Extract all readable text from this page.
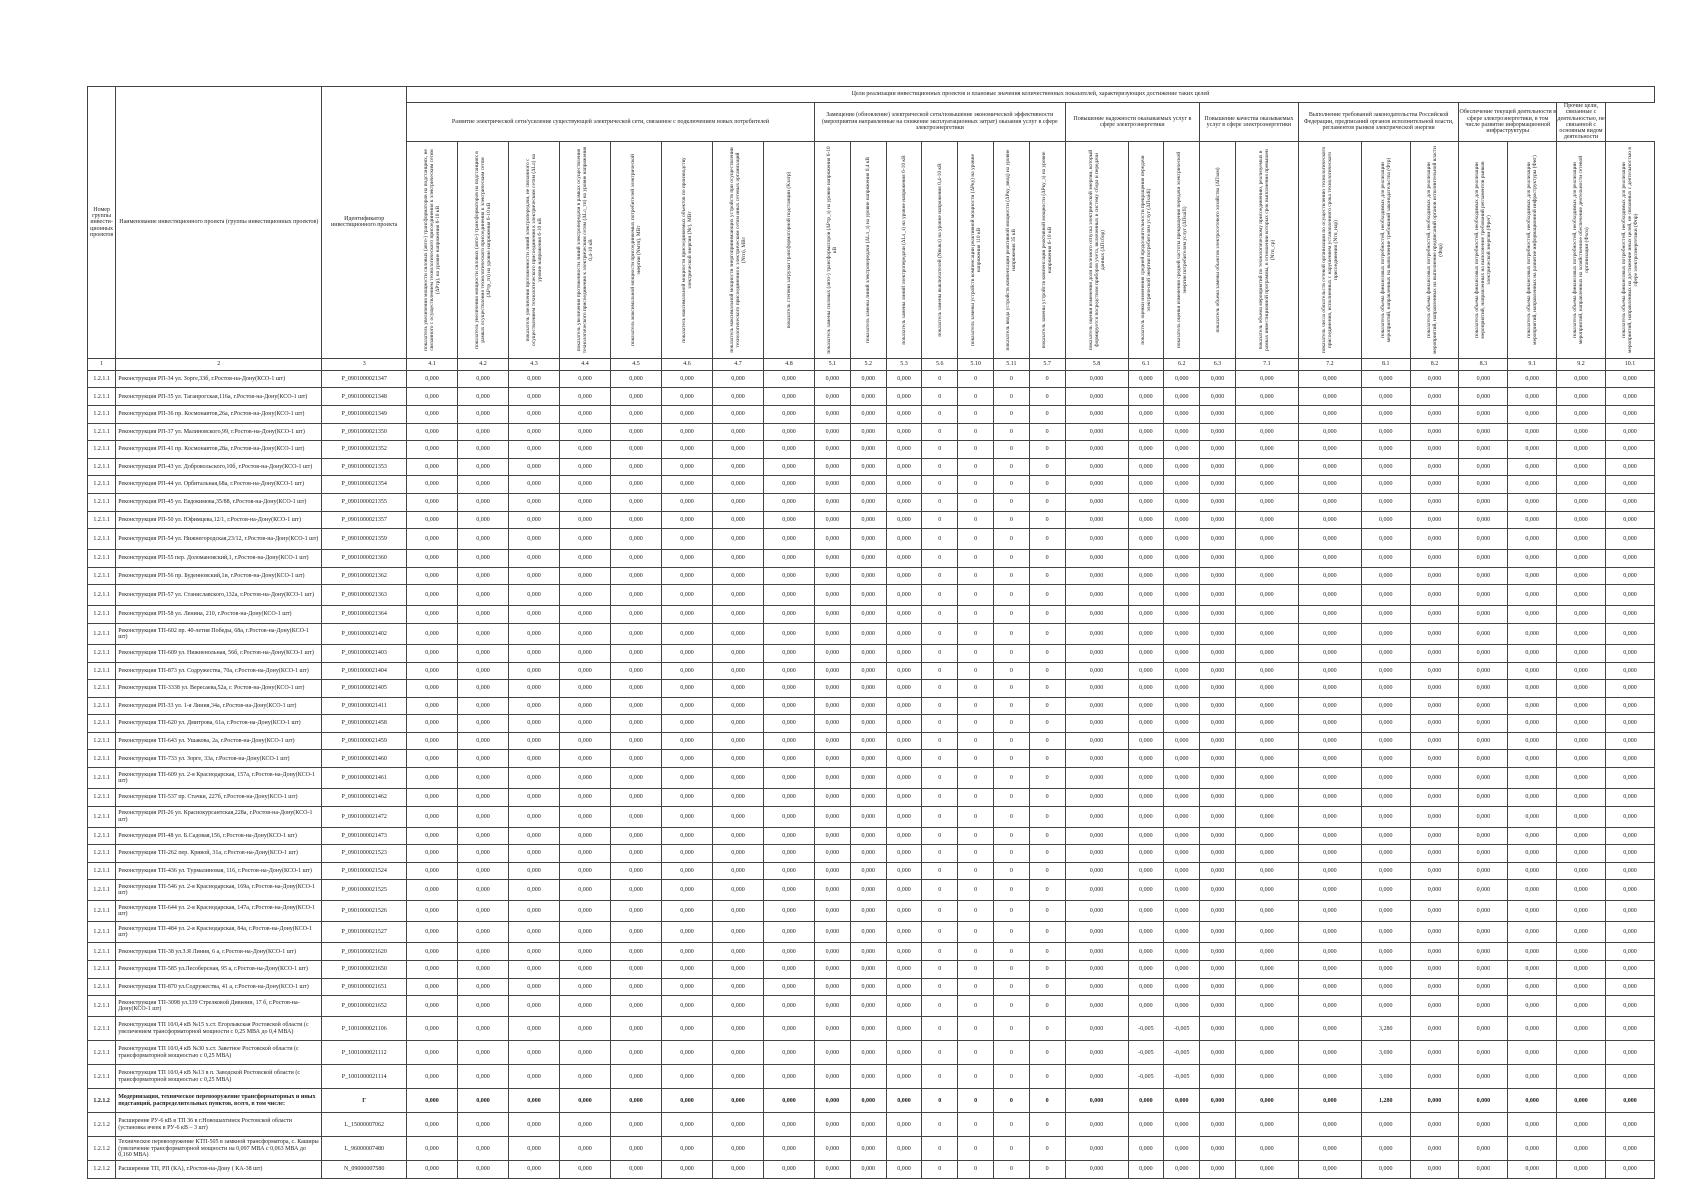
Номер группы инвести-ционных проектов	Наименование инвестиционного проекта (группы инвестиционных проектов)	Идентификатор инвестиционного проекта	Цели реализации инвестиционных проектов и плановые значения количественных показателей, характеризующих достижение таких целей																										
			Развитие электрической сети/усиление существующей электрической сети, связанное с подключением новых потребителей								Замещение (обновление) электрической сети/повышение экономической эффективности (мероприятия направленные на снижение эксплуатационных затрат) оказания услуг в сфере электроэнергетики							Повышение надежности оказываемых услуг в сфере электроэнергетики			Повышение качества оказываемых услуг в сфере электроэнергетики		Выполнение требований законодательства Российской Федерации, предписаний органов исполнительной власти, регламентов рынков электрической энергии			Обеспечение текущей деятельности в сфере электроэнергетики, в том числе развитие информационной инфраструктуры		Прочие цели, связанные с деятельностью, не связанной с основным видом деятельности	

			показатель увеличения мощности силовых (авто-) трансформаторов на подстанциях, не связанного с осуществлением технологического присоединения к электрическим сетям (ΔPтр), на уровне напряжения 6-10 кВ	показатель увеличения мощности силовых (авто-) трансформаторов на подстанциях в рамках осуществления технологического присоединения к электрическим сетям (ΔPтр_тп) на уровне напряжения 6-10 кВ	показатель увеличения протяженности линий электропередачи, не связанного с осуществлением технологического присоединения к электрическим сетям (ΔLл) на уровне напряжения 6-10 кВ	показатель увеличения протяженности линий электропередачи в рамках осуществления технологического присоединения к электрическим сетям (ΔLл_тп) на уровне напряжения 0,4-10 кВ	показатель максимальной мощности присоединяемых потребителей электрической энергии (Nмтп), МВт	показатель максимальной мощности присоединяемых объектов по производству электрической энергии (Nг), МВт	показатель максимальной мощности энергопринимающих устройств при осуществлении технологического присоединения к электрическим сетям иных сетевых организаций (Nтп), МВт	показатель степени загрузки трансформаторной подстанции (Kзагр)	показатель замены силовых (авто-) трансформаторов (ΔPтр_з) на уровне напряжения 6-10 кВ	показатель замены линий электропередачи (ΔLл_з) на уровне напряжения 0,4 кВ	показатель замены линий электропередачи (ΔLл_з) на уровне напряжения 6-10 кВ	показатель замены выключателей (Nвыкл) на уровне напряжения 0,4-10 кВ	показатель замены устройств компенсации реактивной мощности (ΔPку) на уровне напряжения 110 кВ	показатель ввода устройств компенсации реактивной мощности (ΔPку_ввод) на уровне напряжения 35 кВ	показатель замены устройств компенсации реактивной мощности (ΔPку_з) на уровне напряжения 6-10 кВ	показатель оценки изменения доли полезного отпуска электрической энергии, который формируется посредством приборов учета, включенных в систему сбора и передачи данных (ΔПсбор)	показатель оценки изменения средней продолжительности прекращения передачи электрической энергии потребителям услуг (ΔПsaidi)	показатель оценки изменения средней частоты прекращения передачи электрической энергии потребителям услуг (ΔПsaifi)	показатель объема замены объектов электросетевого хозяйства (ΔПзам)	показатель объема мероприятий по технологическому присоединению, реализуемых в рамках инвестиционной программы, в отношении которых срок выполнения превышен (Nтп_ср)	показатель числа обязательств сетевой организации по осуществлению технологического присоединения, исполненных с нарушением установленного срока технологического присоединения (Nтп_нар)	показатель объема финансовых потребностей, необходимых для реализации мероприятий, направленных на выполнение требований законодательства (Фтр)	показатель объема финансовых потребностей, необходимых для реализации мероприятий, направленных на выполнение предписаний органов исполнительной власти (Фпр)	показатель объема финансовых потребностей, необходимых для реализации мероприятий, направленных на выполнение требований регламентов рынков электрической энергии (Фрег)	показатель объема финансовых потребностей, необходимых для реализации мероприятий, направленных на развитие информационной инфраструктуры (Фит)	показатель объема финансовых потребностей, необходимых для реализации мероприятий, направленных на хозяйственное обеспечение деятельности сетевой организации (Фхоз)	показатель объема финансовых потребностей, необходимых для реализации мероприятий, направленных на достижение иных целей, не связанных с деятельностью в сфере электроэнергетики (Фпр)

1	2	3	4.1	4.2	4.3	4.4	4.5	4.6	4.7	4.8	5.1	5.2	5.3	5.6	5.10	5.11	5.7	5.8	6.1	6.2	6.3	7.1	7.2	8.1	8.2	8.3	9.1	9.2	10.1
1.2.1.1	Реконструкция РП-34 ул. Зорге,33б, г.Ростов-на-Дону(КСО-1 шт)	P_0901000021347	0,000	0,000	0,000	0,000	0,000	0,000	0,000	0,000	0,000	0,000	0,000	0	0	0	0	0,000	0,000	0,000	0,000	0,000	0,000	0,000	0,000	0,000	0,000	0,000	0,000
1.2.1.1	Реконструкция РП-35 ул. Таганрогская,116а, г.Ростов-на-Дону(КСО-1 шт)	P_0901000021348	0,000	0,000	0,000	0,000	0,000	0,000	0,000	0,000	0,000	0,000	0,000	0	0	0	0	0,000	0,000	0,000	0,000	0,000	0,000	0,000	0,000	0,000	0,000	0,000	0,000
1.2.1.1	Реконструкция РП-36 пр. Космонавтов,26а, г.Ростов-на-Дону(КСО-1 шт)	P_0901000021349	0,000	0,000	0,000	0,000	0,000	0,000	0,000	0,000	0,000	0,000	0,000	0	0	0	0	0,000	0,000	0,000	0,000	0,000	0,000	0,000	0,000	0,000	0,000	0,000	0,000
1.2.1.1	Реконструкция РП-37 ул. Малиновского,99, г.Ростов-на-Дону(КСО-1 шт)	P_0901000021350	0,000	0,000	0,000	0,000	0,000	0,000	0,000	0,000	0,000	0,000	0,000	0	0	0	0	0,000	0,000	0,000	0,000	0,000	0,000	0,000	0,000	0,000	0,000	0,000	0,000
1.2.1.1	Реконструкция РП-41 пр. Космонавтов,28а, г.Ростов-на-Дону(КСО-1 шт)	P_0901000021352	0,000	0,000	0,000	0,000	0,000	0,000	0,000	0,000	0,000	0,000	0,000	0	0	0	0	0,000	0,000	0,000	0,000	0,000	0,000	0,000	0,000	0,000	0,000	0,000	0,000
1.2.1.1	Реконструкция РП-43 ул. Добровольского,10б, г.Ростов-на-Дону(КСО-1 шт)	P_0901000021353	0,000	0,000	0,000	0,000	0,000	0,000	0,000	0,000	0,000	0,000	0,000	0	0	0	0	0,000	0,000	0,000	0,000	0,000	0,000	0,000	0,000	0,000	0,000	0,000	0,000
1.2.1.1	Реконструкция РП-44 ул. Орбитальная,68а, г.Ростов-на-Дону(КСО-1 шт)	P_0901000021354	0,000	0,000	0,000	0,000	0,000	0,000	0,000	0,000	0,000	0,000	0,000	0	0	0	0	0,000	0,000	0,000	0,000	0,000	0,000	0,000	0,000	0,000	0,000	0,000	0,000
1.2.1.1	Реконструкция РП-45 ул. Евдокимова,35/88, г.Ростов-на-Дону(КСО-1 шт)	P_0901000021355	0,000	0,000	0,000	0,000	0,000	0,000	0,000	0,000	0,000	0,000	0,000	0	0	0	0	0,000	0,000	0,000	0,000	0,000	0,000	0,000	0,000	0,000	0,000	0,000	0,000
1.2.1.1	Реконструкция РП-50 ул. Юфимцева,12/1, г.Ростов-на-Дону(КСО-1 шт)	P_0901000021357	0,000	0,000	0,000	0,000	0,000	0,000	0,000	0,000	0,000	0,000	0,000	0	0	0	0	0,000	0,000	0,000	0,000	0,000	0,000	0,000	0,000	0,000	0,000	0,000	0,000
1.2.1.1	Реконструкция РП-54 ул. Нижнегородская,23/12, г.Ростов-на-Дону(КСО-1 шт)	P_0901000021359	0,000	0,000	0,000	0,000	0,000	0,000	0,000	0,000	0,000	0,000	0,000	0	0	0	0	0,000	0,000	0,000	0,000	0,000	0,000	0,000	0,000	0,000	0,000	0,000	0,000
1.2.1.1	Реконструкция РП-55 пер. Доломановский,1, г.Ростов-на-Дону(КСО-1 шт)	P_0901000021360	0,000	0,000	0,000	0,000	0,000	0,000	0,000	0,000	0,000	0,000	0,000	0	0	0	0	0,000	0,000	0,000	0,000	0,000	0,000	0,000	0,000	0,000	0,000	0,000	0,000
1.2.1.1	Реконструкция РП-56 пр. Буденновский,1и, г.Ростов-на-Дону(КСО-1 шт)	P_0901000021362	0,000	0,000	0,000	0,000	0,000	0,000	0,000	0,000	0,000	0,000	0,000	0	0	0	0	0,000	0,000	0,000	0,000	0,000	0,000	0,000	0,000	0,000	0,000	0,000	0,000
1.2.1.1	Реконструкция РП-57 ул. Станиславского,132а, г.Ростов-на-Дону(КСО-1 шт)	P_0901000021363	0,000	0,000	0,000	0,000	0,000	0,000	0,000	0,000	0,000	0,000	0,000	0	0	0	0	0,000	0,000	0,000	0,000	0,000	0,000	0,000	0,000	0,000	0,000	0,000	0,000
1.2.1.1	Реконструкция РП-58 ул. Ленина, 210, г.Ростов-на-Дону(КСО-1 шт)	P_0901000021364	0,000	0,000	0,000	0,000	0,000	0,000	0,000	0,000	0,000	0,000	0,000	0	0	0	0	0,000	0,000	0,000	0,000	0,000	0,000	0,000	0,000	0,000	0,000	0,000	0,000
1.2.1.1	Реконструкция ТП-602 пр. 40-летия Победы, 68а, г.Ростов-на-Дону(КСО-1 шт)	P_0901000021402	0,000	0,000	0,000	0,000	0,000	0,000	0,000	0,000	0,000	0,000	0,000	0	0	0	0	0,000	0,000	0,000	0,000	0,000	0,000	0,000	0,000	0,000	0,000	0,000	0,000
1.2.1.1	Реконструкция ТП-609 ул. Нижненольная, 56б, г.Ростов-на-Дону(КСО-1 шт)	P_0901000021403	0,000	0,000	0,000	0,000	0,000	0,000	0,000	0,000	0,000	0,000	0,000	0	0	0	0	0,000	0,000	0,000	0,000	0,000	0,000	0,000	0,000	0,000	0,000	0,000	0,000
1.2.1.1	Реконструкция ТП-873 ул. Содружества, 70а, г.Ростов-на-Дону(КСО-1 шт)	P_0901000021404	0,000	0,000	0,000	0,000	0,000	0,000	0,000	0,000	0,000	0,000	0,000	0	0	0	0	0,000	0,000	0,000	0,000	0,000	0,000	0,000	0,000	0,000	0,000	0,000	0,000
1.2.1.1	Реконструкция ТП-3338 ул. Вересаева,52а, г. Ростов-на-Дону(КСО-1 шт)	P_0901000021405	0,000	0,000	0,000	0,000	0,000	0,000	0,000	0,000	0,000	0,000	0,000	0	0	0	0	0,000	0,000	0,000	0,000	0,000	0,000	0,000	0,000	0,000	0,000	0,000	0,000
1.2.1.1	Реконструкция РП-33 ул. 1-я Линия,34а, г.Ростов-на-Дону(КСО-1 шт)	P_0901000021411	0,000	0,000	0,000	0,000	0,000	0,000	0,000	0,000	0,000	0,000	0,000	0	0	0	0	0,000	0,000	0,000	0,000	0,000	0,000	0,000	0,000	0,000	0,000	0,000	0,000
1.2.1.1	Реконструкция ТП-620 ул. Дмитрова, 61а, г.Ростов-на-Дону(КСО-1 шт)	P_0901000021458	0,000	0,000	0,000	0,000	0,000	0,000	0,000	0,000	0,000	0,000	0,000	0	0	0	0	0,000	0,000	0,000	0,000	0,000	0,000	0,000	0,000	0,000	0,000	0,000	0,000
1.2.1.1	Реконструкция ТП-643 ул. Ушакова, 2а, г.Ростов-на-Дону(КСО-1 шт)	P_0901000021459	0,000	0,000	0,000	0,000	0,000	0,000	0,000	0,000	0,000	0,000	0,000	0	0	0	0	0,000	0,000	0,000	0,000	0,000	0,000	0,000	0,000	0,000	0,000	0,000	0,000
1.2.1.1	Реконструкция ТП-733 ул. Зорге, 33а, г.Ростов-на-Дону(КСО-1 шт)	P_0901000021460	0,000	0,000	0,000	0,000	0,000	0,000	0,000	0,000	0,000	0,000	0,000	0	0	0	0	0,000	0,000	0,000	0,000	0,000	0,000	0,000	0,000	0,000	0,000	0,000	0,000
1.2.1.1	Реконструкция ТП-609 ул. 2-я Краснодарская, 157а, г.Ростов-на-Дону(КСО-1 шт)	P_0901000021461	0,000	0,000	0,000	0,000	0,000	0,000	0,000	0,000	0,000	0,000	0,000	0	0	0	0	0,000	0,000	0,000	0,000	0,000	0,000	0,000	0,000	0,000	0,000	0,000	0,000
1.2.1.1	Реконструкция ТП-537 пр. Стачки, 227б, г.Ростов-на-Дону(КСО-1 шт)	P_0901000021462	0,000	0,000	0,000	0,000	0,000	0,000	0,000	0,000	0,000	0,000	0,000	0	0	0	0	0,000	0,000	0,000	0,000	0,000	0,000	0,000	0,000	0,000	0,000	0,000	0,000
1.2.1.1	Реконструкция РП-26 ул. Краснокурсантская,228а, г.Ростов-на-Дону(КСО-1 шт)	P_0901000021472	0,000	0,000	0,000	0,000	0,000	0,000	0,000	0,000	0,000	0,000	0,000	0	0	0	0	0,000	0,000	0,000	0,000	0,000	0,000	0,000	0,000	0,000	0,000	0,000	0,000
1.2.1.1	Реконструкция РП-48 ул. Б.Садовая,156, г.Ростов-на-Дону(КСО-1 шт)	P_0901000021473	0,000	0,000	0,000	0,000	0,000	0,000	0,000	0,000	0,000	0,000	0,000	0	0	0	0	0,000	0,000	0,000	0,000	0,000	0,000	0,000	0,000	0,000	0,000	0,000	0,000
1.2.1.1	Реконструкция ТП-262 пер. Кривой, 31а, г.Ростов-на-Дону(КСО-1 шт)	P_0901000021523	0,000	0,000	0,000	0,000	0,000	0,000	0,000	0,000	0,000	0,000	0,000	0	0	0	0	0,000	0,000	0,000	0,000	0,000	0,000	0,000	0,000	0,000	0,000	0,000	0,000
1.2.1.1	Реконструкция ТП-436 ул. Турмалиновая, 116, г.Ростов-на-Дону(КСО-1 шт)	P_0901000021524	0,000	0,000	0,000	0,000	0,000	0,000	0,000	0,000	0,000	0,000	0,000	0	0	0	0	0,000	0,000	0,000	0,000	0,000	0,000	0,000	0,000	0,000	0,000	0,000	0,000
1.2.1.1	Реконструкция ТП-546 ул. 2-я Краснодарская, 169а, г.Ростов-на-Дону(КСО-1 шт)	P_0901000021525	0,000	0,000	0,000	0,000	0,000	0,000	0,000	0,000	0,000	0,000	0,000	0	0	0	0	0,000	0,000	0,000	0,000	0,000	0,000	0,000	0,000	0,000	0,000	0,000	0,000
1.2.1.1	Реконструкция ТП-644 ул. 2-я Краснодарская, 147а, г.Ростов-на-Дону(КСО-1 шт)	P_0901000021526	0,000	0,000	0,000	0,000	0,000	0,000	0,000	0,000	0,000	0,000	0,000	0	0	0	0	0,000	0,000	0,000	0,000	0,000	0,000	0,000	0,000	0,000	0,000	0,000	0,000
1.2.1.1	Реконструкция ТП-484 ул. 2-я Краснодарская, 84а, г.Ростов-на-Дону(КСО-1 шт)	P_0901000021527	0,000	0,000	0,000	0,000	0,000	0,000	0,000	0,000	0,000	0,000	0,000	0	0	0	0	0,000	0,000	0,000	0,000	0,000	0,000	0,000	0,000	0,000	0,000	0,000	0,000
1.2.1.1	Реконструкция ТП-38 ул.З.Я Линия, 6 а, г.Ростов-на-Дону(КСО-1 шт)	P_0901000021620	0,000	0,000	0,000	0,000	0,000	0,000	0,000	0,000	0,000	0,000	0,000	0	0	0	0	0,000	0,000	0,000	0,000	0,000	0,000	0,000	0,000	0,000	0,000	0,000	0,000
1.2.1.1	Реконструкция ТП-585 ул.Лесоберсная, 95 а, г.Ростов-на-Дону(КСО-1 шт)	P_0901000021650	0,000	0,000	0,000	0,000	0,000	0,000	0,000	0,000	0,000	0,000	0,000	0	0	0	0	0,000	0,000	0,000	0,000	0,000	0,000	0,000	0,000	0,000	0,000	0,000	0,000
1.2.1.1	Реконструкция ТП-870 ул.Содружества, 41 а, г.Ростов-на-Дону(КСО-1 шт)	P_0901000021651	0,000	0,000	0,000	0,000	0,000	0,000	0,000	0,000	0,000	0,000	0,000	0	0	0	0	0,000	0,000	0,000	0,000	0,000	0,000	0,000	0,000	0,000	0,000	0,000	0,000
1.2.1.1	Реконструкция ТП-3098 ул.339 Стрелковой Дивизии, 17 б, г.Ростов-на-Дону(КСО-1 шт)	P_0901000021652	0,000	0,000	0,000	0,000	0,000	0,000	0,000	0,000	0,000	0,000	0,000	0	0	0	0	0,000	0,000	0,000	0,000	0,000	0,000	0,000	0,000	0,000	0,000	0,000	0,000
1.2.1.1	Реконструкция ТП 10/0,4 кВ №15 х.ст. Егорлыкская Ростовской области (с увеличением трансформаторной мощности с 0,25 МВА до 0,4 МВА)	P_1001000021106	0,000	0,000	0,000	0,000	0,000	0,000	0,000	0,000	0,000	0,000	0,000	0	0	0	0	0,000	-0,005	-0,005	0,000	0,000	0,000	3,280	0,000	0,000	0,000	0,000	0,000
1.2.1.1	Реконструкция ТП 10/0,4 кВ №30 х.ст. Заветное Ростовской области (с трансформаторной мощностью с 0,25 МВА)	P_1001000021112	0,000	0,000	0,000	0,000	0,000	0,000	0,000	0,000	0,000	0,000	0,000	0	0	0	0	0,000	-0,005	-0,005	0,000	0,000	0,000	3,690	0,000	0,000	0,000	0,000	0,000
1.2.1.1	Реконструкция ТП 10/0,4 кВ №13 в п. Заводской Ростовской области (с трансформаторной мощностью с 0,25 МВА)	P_1001000021114	0,000	0,000	0,000	0,000	0,000	0,000	0,000	0,000	0,000	0,000	0,000	0	0	0	0	0,000	-0,005	-0,005	0,000	0,000	0,000	3,690	0,000	0,000	0,000	0,000	0,000
1.2.1.2	Модернизация, техническое перевооружение трансформаторных и иных подстанций, распределительных пунктов, всего, в том числе:	Г	0,000	0,000	0,000	0,000	0,000	0,000	0,000	0,000	0,000	0,000	0,000	0	0	0	0	0,000	0,000	0,000	0,000	0,000	0,000	1,280	0,000	0,000	0,000	0,000	0,000
1.2.1.2	Расширение РУ-6 кВ в ТП 36 в г.Новошахтинск Ростовской области (установка ячеек в РУ-6 кВ – 3 шт)	L_15000007062	0,000	0,000	0,000	0,000	0,000	0,000	0,000	0,000	0,000	0,000	0,000	0	0	0	0	0,000	0,000	0,000	0,000	0,000	0,000	0,000	0,000	0,000	0,000	0,000	0,000
1.2.1.2	Техническое перевооружение КТП-505 в замкной трансформатора, с. Каширы (увеличение трансформаторной мощности на 0,097 МВА с 0,063 МВА до 0,160 МВА)	L_96000007480	0,000	0,000	0,000	0,000	0,000	0,000	0,000	0,000	0,000	0,000	0,000	0	0	0	0	0,000	0,000	0,000	0,000	0,000	0,000	0,000	0,000	0,000	0,000	0,000	0,000
1.2.1.2	Расширение ТП, РП (КА), г.Ростов-на-Дону ( КА-38 шт)	N_09000007580	0,000	0,000	0,000	0,000	0,000	0,000	0,000	0,000	0,000	0,000	0,000	0	0	0	0	0,000	0,000	0,000	0,000	0,000	0,000	0,000	0,000	0,000	0,000	0,000	0,000
